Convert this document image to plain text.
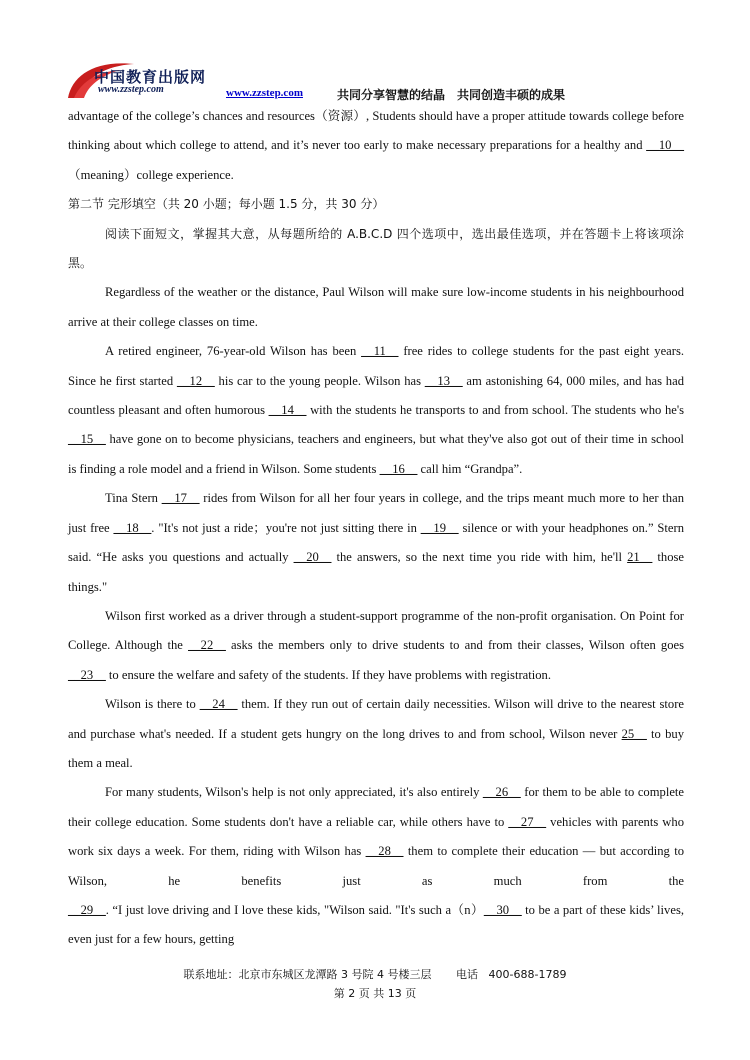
中国教育出版网
www.zzstep.com	www.zzstep.com	共同分享智慧的结晶　共同创造丰硕的成果

advantage of the college’s chances and resources（资源）, Students should have a proper attitude towards college before thinking about which college to attend, and it’s never too early to make necessary preparations for a healthy and __10__（meaning）college experience.

第二节 完形填空（共 20 小题；每小题 1.5 分，共 30 分）

阅读下面短文，掌握其大意，从每题所给的 A.B.C.D 四个选项中，选出最佳选项，并在答题卡上将该项涂黑。

Regardless of the weather or the distance, Paul Wilson will make sure low-income students in his neighbourhood arrive at their college classes on time.

A retired engineer, 76-year-old Wilson has been __11__ free rides to college students for the past eight years. Since he first started __12__ his car to the young people. Wilson has __13__ am astonishing 64, 000 miles, and has had countless pleasant and often humorous __14__ with the students he transports to and from school. The students who he's __15__ have gone on to become physicians, teachers and engineers, but what they've also got out of their time in school is finding a role model and a friend in Wilson. Some students __16__ call him “Grandpa”.

Tina Stern __17__ rides from Wilson for all her four years in college, and the trips meant much more to her than just free __18__. "It's not just a ride；you're not just sitting there in __19__ silence or with your headphones on.” Stern said. “He asks you questions and actually __20__ the answers, so the next time you ride with him, he'll 21__ those things."

Wilson first worked as a driver through a student-support programme of the non-profit organisation. On Point for College. Although the __22__ asks the members only to drive students to and from their classes, Wilson often goes __23__ to ensure the welfare and safety of the students. If they have problems with registration.

Wilson is there to __24__ them. If they run out of certain daily necessities. Wilson will drive to the nearest store and purchase what's needed. If a student gets hungry on the long drives to and from school, Wilson never 25__ to buy them a meal.

For many students, Wilson's help is not only appreciated, it's also entirely __26__ for them to be able to complete their college education. Some students don't have a reliable car, while others have to __27__ vehicles with parents who work six days a week. For them, riding with Wilson has __28__ them to complete their education — but according to Wilson, he benefits just as much from the __29__. “I just love driving and I love these kids, "Wilson said. "It's such a（n）__30__ to be a part of these kids’ lives, even just for a few hours, getting

联系地址：北京市东城区龙潭路 3 号院 4 号楼三层 电话 400-688-1789
第 2 页 共 13 页
